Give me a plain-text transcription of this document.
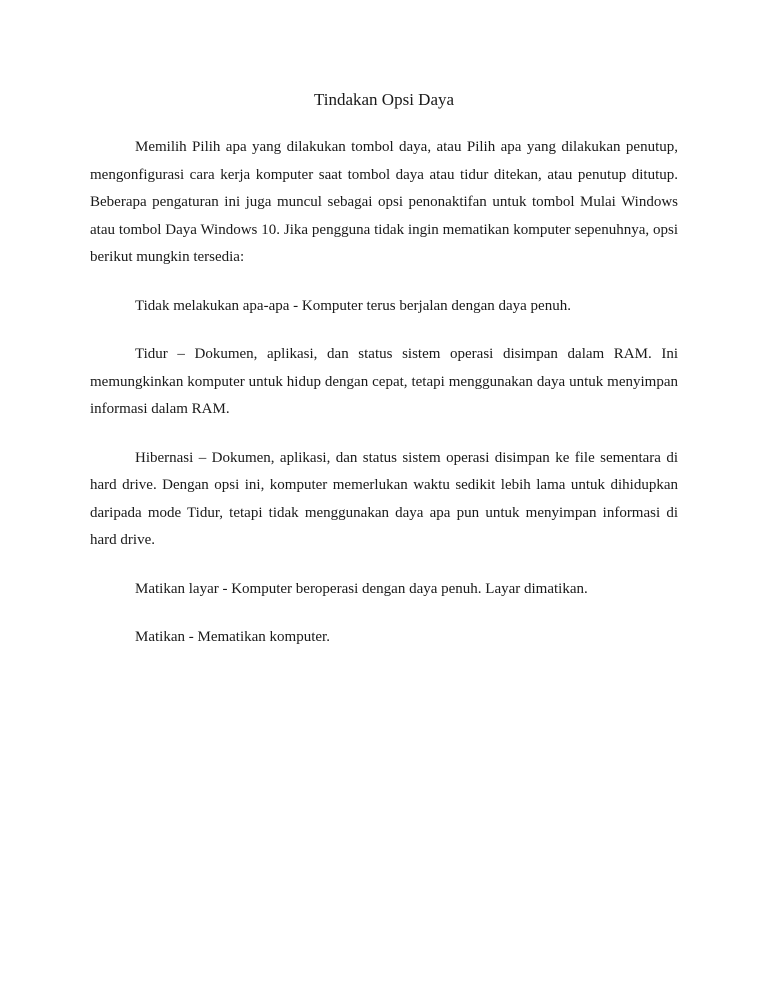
Tindakan Opsi Daya

Memilih Pilih apa yang dilakukan tombol daya, atau Pilih apa yang dilakukan penutup, mengonfigurasi cara kerja komputer saat tombol daya atau tidur ditekan, atau penutup ditutup. Beberapa pengaturan ini juga muncul sebagai opsi penonaktifan untuk tombol Mulai Windows atau tombol Daya Windows 10. Jika pengguna tidak ingin mematikan komputer sepenuhnya, opsi berikut mungkin tersedia:

Tidak melakukan apa-apa - Komputer terus berjalan dengan daya penuh.

Tidur – Dokumen, aplikasi, dan status sistem operasi disimpan dalam RAM. Ini memungkinkan komputer untuk hidup dengan cepat, tetapi menggunakan daya untuk menyimpan informasi dalam RAM.

Hibernasi – Dokumen, aplikasi, dan status sistem operasi disimpan ke file sementara di hard drive. Dengan opsi ini, komputer memerlukan waktu sedikit lebih lama untuk dihidupkan daripada mode Tidur, tetapi tidak menggunakan daya apa pun untuk menyimpan informasi di hard drive.

Matikan layar - Komputer beroperasi dengan daya penuh. Layar dimatikan.

Matikan - Mematikan komputer.
